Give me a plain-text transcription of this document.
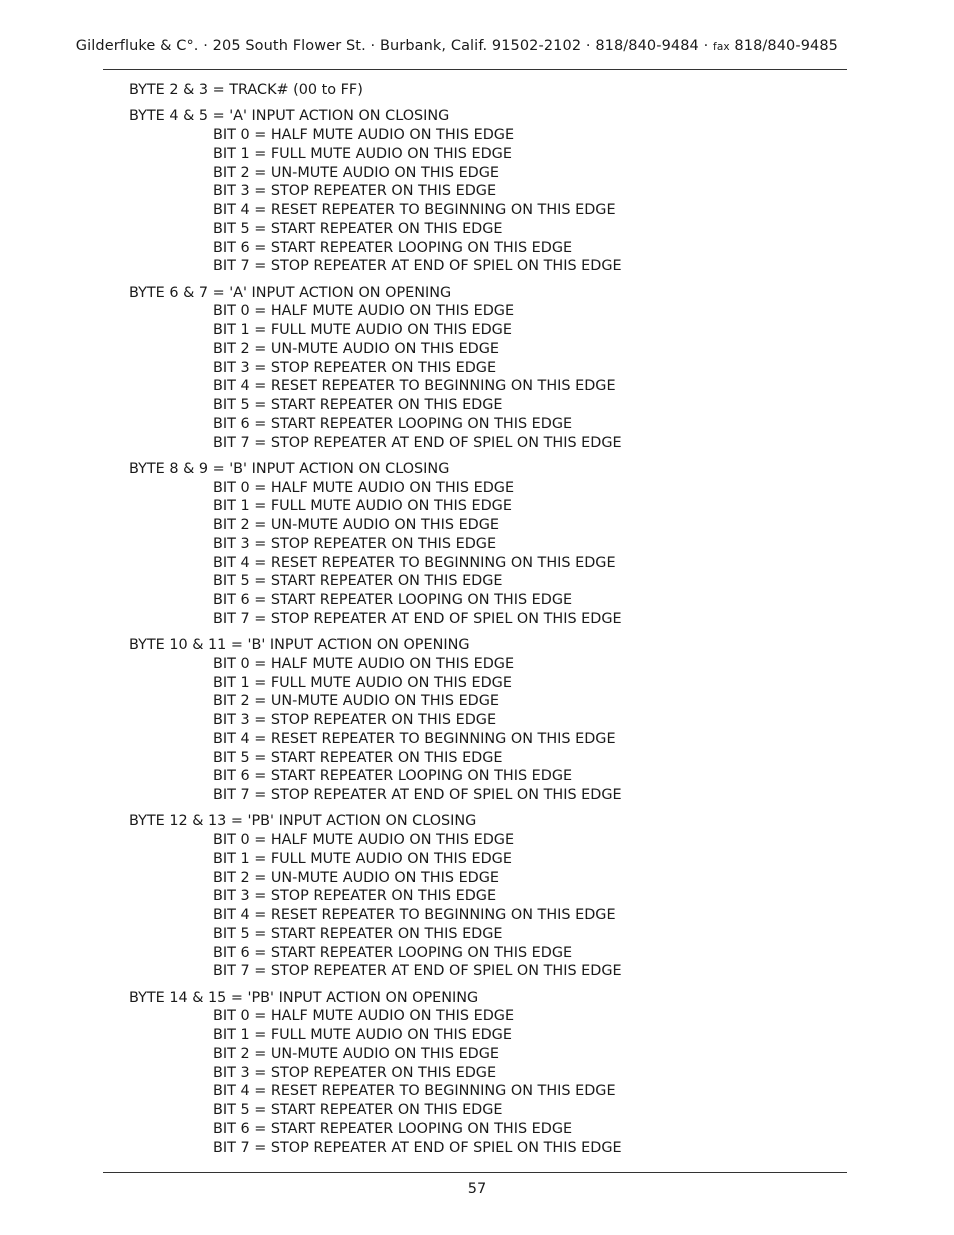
Gilderfluke & C°. · 205 South Flower St. · Burbank, Calif. 91502-2102 · 818/840-9484 · fax 818/840-9485
BYTE 2 & 3 = TRACK# (00 to FF)
BYTE 4 & 5 = 'A' INPUT ACTION ON CLOSING
BIT 0 = HALF MUTE AUDIO ON THIS EDGE
BIT 1 = FULL MUTE AUDIO ON THIS EDGE
BIT 2 = UN-MUTE AUDIO ON THIS EDGE
BIT 3 = STOP REPEATER ON THIS EDGE
BIT 4 = RESET REPEATER TO BEGINNING ON THIS EDGE
BIT 5 = START REPEATER ON THIS EDGE
BIT 6 = START REPEATER LOOPING ON THIS EDGE
BIT 7 = STOP REPEATER AT END OF SPIEL ON THIS EDGE
BYTE 6 & 7 = 'A' INPUT ACTION ON OPENING
BIT 0 = HALF MUTE AUDIO ON THIS EDGE
BIT 1 = FULL MUTE AUDIO ON THIS EDGE
BIT 2 = UN-MUTE AUDIO ON THIS EDGE
BIT 3 = STOP REPEATER ON THIS EDGE
BIT 4 = RESET REPEATER TO BEGINNING ON THIS EDGE
BIT 5 = START REPEATER ON THIS EDGE
BIT 6 = START REPEATER LOOPING ON THIS EDGE
BIT 7 = STOP REPEATER AT END OF SPIEL ON THIS EDGE
BYTE 8 & 9 = 'B' INPUT ACTION ON CLOSING
BIT 0 = HALF MUTE AUDIO ON THIS EDGE
BIT 1 = FULL MUTE AUDIO ON THIS EDGE
BIT 2 = UN-MUTE AUDIO ON THIS EDGE
BIT 3 = STOP REPEATER ON THIS EDGE
BIT 4 = RESET REPEATER TO BEGINNING ON THIS EDGE
BIT 5 = START REPEATER ON THIS EDGE
BIT 6 = START REPEATER LOOPING ON THIS EDGE
BIT 7 = STOP REPEATER AT END OF SPIEL ON THIS EDGE
BYTE 10 & 11 = 'B' INPUT ACTION ON OPENING
BIT 0 = HALF MUTE AUDIO ON THIS EDGE
BIT 1 = FULL MUTE AUDIO ON THIS EDGE
BIT 2 = UN-MUTE AUDIO ON THIS EDGE
BIT 3 = STOP REPEATER ON THIS EDGE
BIT 4 = RESET REPEATER TO BEGINNING ON THIS EDGE
BIT 5 = START REPEATER ON THIS EDGE
BIT 6 = START REPEATER LOOPING ON THIS EDGE
BIT 7 = STOP REPEATER AT END OF SPIEL ON THIS EDGE
BYTE 12 & 13 = 'PB' INPUT ACTION ON CLOSING
BIT 0 = HALF MUTE AUDIO ON THIS EDGE
BIT 1 = FULL MUTE AUDIO ON THIS EDGE
BIT 2 = UN-MUTE AUDIO ON THIS EDGE
BIT 3 = STOP REPEATER ON THIS EDGE
BIT 4 = RESET REPEATER TO BEGINNING ON THIS EDGE
BIT 5 = START REPEATER ON THIS EDGE
BIT 6 = START REPEATER LOOPING ON THIS EDGE
BIT 7 = STOP REPEATER AT END OF SPIEL ON THIS EDGE
BYTE 14 & 15 = 'PB' INPUT ACTION ON OPENING
BIT 0 = HALF MUTE AUDIO ON THIS EDGE
BIT 1 = FULL MUTE AUDIO ON THIS EDGE
BIT 2 = UN-MUTE AUDIO ON THIS EDGE
BIT 3 = STOP REPEATER ON THIS EDGE
BIT 4 = RESET REPEATER TO BEGINNING ON THIS EDGE
BIT 5 = START REPEATER ON THIS EDGE
BIT 6 = START REPEATER LOOPING ON THIS EDGE
BIT 7 = STOP REPEATER AT END OF SPIEL ON THIS EDGE
57
